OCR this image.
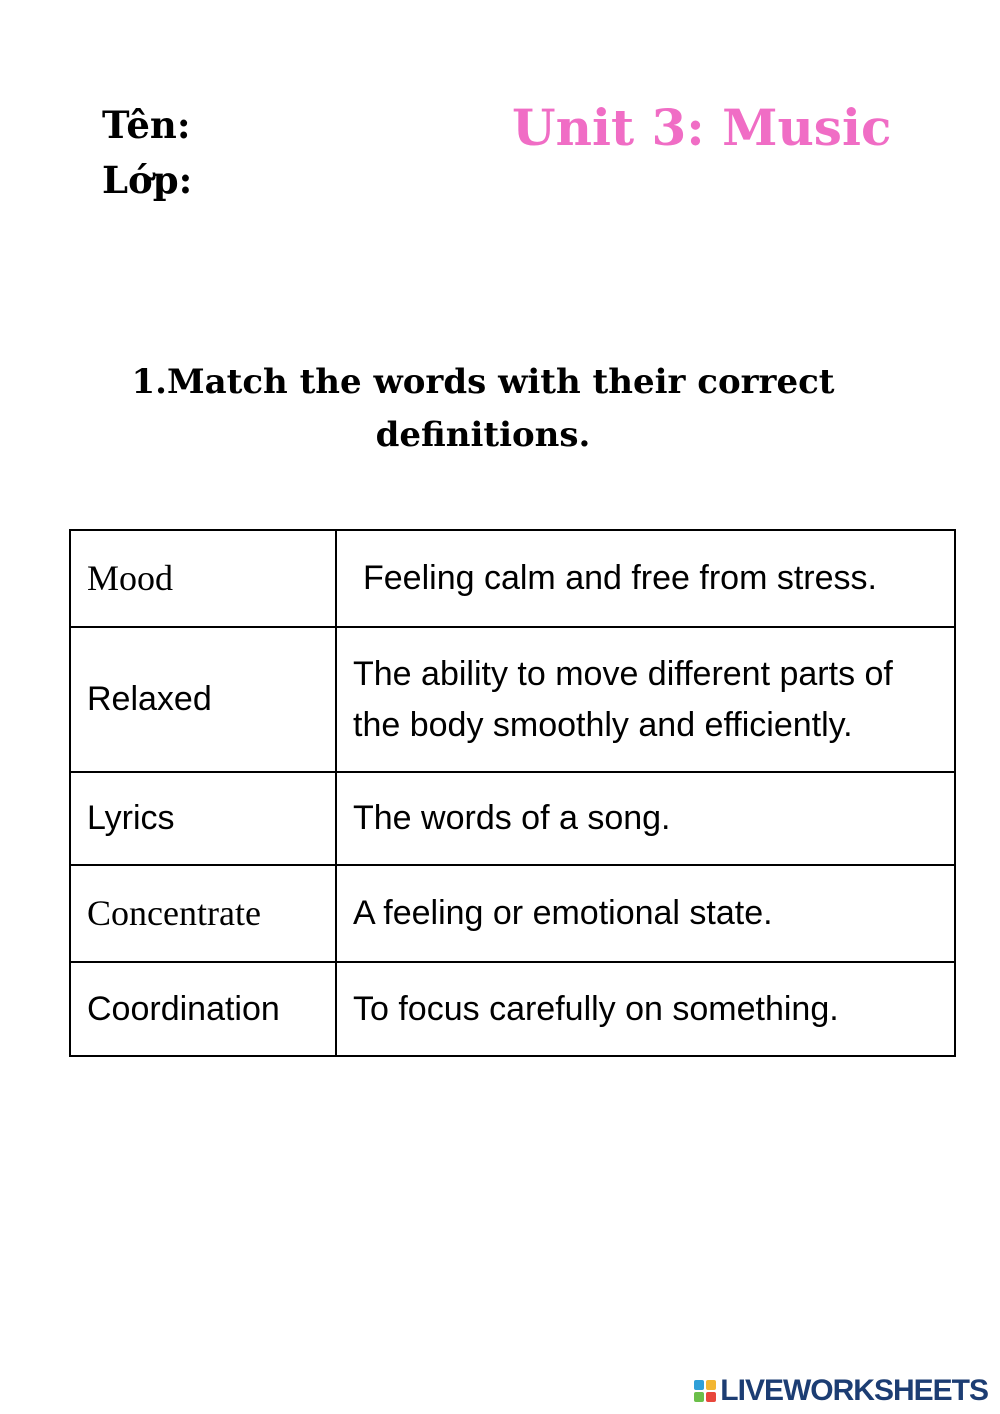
Tên:
Lớp:
Unit 3: Music
1.Match the words with their correct
definitions.
Mood	Feeling calm and free from stress.
Relaxed	The ability to move different parts of
the body smoothly and efficiently.

Lyrics	The words of a song.
Concentrate	A feeling or emotional state.
Coordination	To focus carefully on something.
LIVEWORKSHEETS
